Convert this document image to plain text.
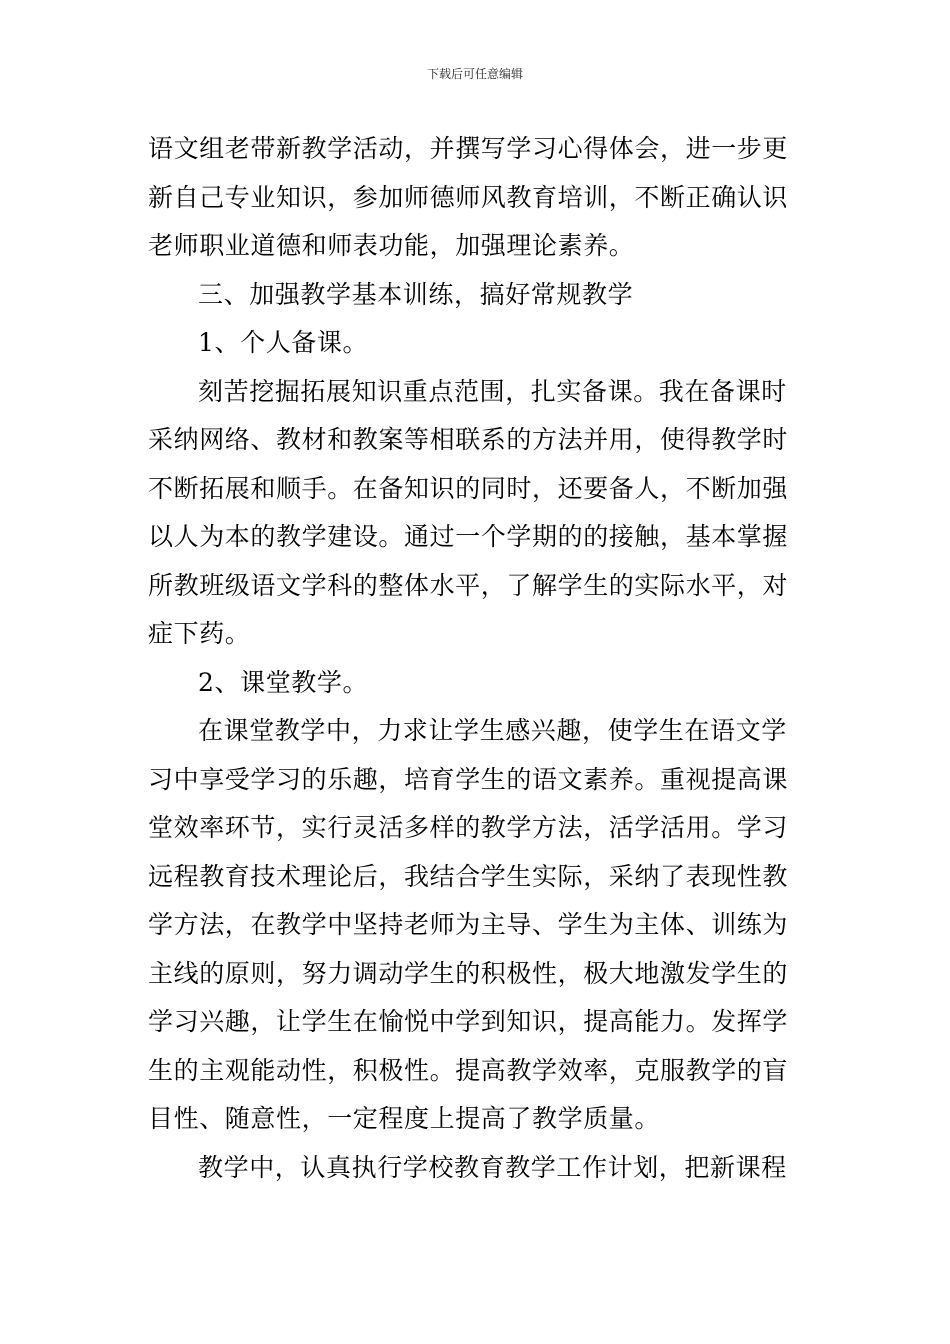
下载后可任意编辑
语文组老带新教学活动，并撰写学习心得体会，进一步更
新自己专业知识，参加师德师风教育培训，不断正确认识
老师职业道德和师表功能，加强理论素养。
三、加强教学基本训练，搞好常规教学
1、个人备课。
刻苦挖掘拓展知识重点范围，扎实备课。我在备课时
采纳网络、教材和教案等相联系的方法并用，使得教学时
不断拓展和顺手。在备知识的同时，还要备人，不断加强
以人为本的教学建设。通过一个学期的的接触，基本掌握
所教班级语文学科的整体水平，了解学生的实际水平，对
症下药。
2、课堂教学。
在课堂教学中，力求让学生感兴趣，使学生在语文学
习中享受学习的乐趣，培育学生的语文素养。重视提高课
堂效率环节，实行灵活多样的教学方法，活学活用。学习
远程教育技术理论后，我结合学生实际，采纳了表现性教
学方法，在教学中坚持老师为主导、学生为主体、训练为
主线的原则，努力调动学生的积极性，极大地激发学生的
学习兴趣，让学生在愉悦中学到知识，提高能力。发挥学
生的主观能动性，积极性。提高教学效率，克服教学的盲
目性、随意性，一定程度上提高了教学质量。
教学中，认真执行学校教育教学工作计划，把新课程
